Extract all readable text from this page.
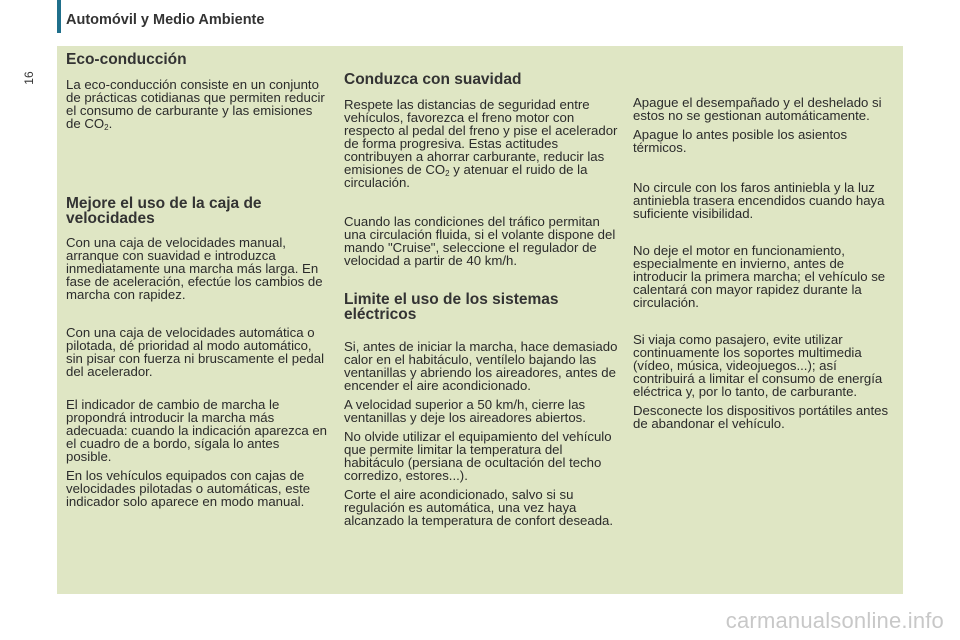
Automóvil y Medio Ambiente
16
Eco-conducción

La eco-conducción consiste en un conjunto de prácticas cotidianas que permiten reducir el consumo de carburante y las emisiones de $CO_2$.

Mejore el uso de la caja de velocidades

Con una caja de velocidades manual, arranque con suavidad e introduzca inmediatamente una marcha más larga. En fase de aceleración, efectúe los cambios de marcha con rapidez.

Con una caja de velocidades automática o pilotada, dé prioridad al modo automático, sin pisar con fuerza ni bruscamente el pedal del acelerador.

El indicador de cambio de marcha le propondrá introducir la marcha más adecuada: cuando la indicación aparezca en el cuadro de a bordo, sígala lo antes posible.

En los vehículos equipados con cajas de velocidades pilotadas o automáticas, este indicador solo aparece en modo manual.

Conduzca con suavidad

Respete las distancias de seguridad entre vehículos, favorezca el freno motor con respecto al pedal del freno y pise el acelerador de forma progresiva. Estas actitudes contribuyen a ahorrar carburante, reducir las emisiones de $CO_2$ y atenuar el ruido de la circulación.

Cuando las condiciones del tráfico permitan una circulación fluida, si el volante dispone del mando "Cruise", seleccione el regulador de velocidad a partir de 40 km/h.

Limite el uso de los sistemas eléctricos

Si, antes de iniciar la marcha, hace demasiado calor en el habitáculo, ventílelo bajando las ventanillas y abriendo los aireadores, antes de encender el aire acondicionado.

A velocidad superior a 50 km/h, cierre las ventanillas y deje los aireadores abiertos.

No olvide utilizar el equipamiento del vehículo que permite limitar la temperatura del habitáculo (persiana de ocultación del techo corredizo, estores...).

Corte el aire acondicionado, salvo si su regulación es automática, una vez haya alcanzado la temperatura de confort deseada.

Apague el desempañado y el deshelado si estos no se gestionan automáticamente.

Apague lo antes posible los asientos térmicos.

No circule con los faros antiniebla y la luz antiniebla trasera encendidos cuando haya suficiente visibilidad.

No deje el motor en funcionamiento, especialmente en invierno, antes de introducir la primera marcha; el vehículo se calentará con mayor rapidez durante la circulación.

Si viaja como pasajero, evite utilizar continuamente los soportes multimedia (vídeo, música, videojuegos...); así contribuirá a limitar el consumo de energía eléctrica y, por lo tanto, de carburante.

Desconecte los dispositivos portátiles antes de abandonar el vehículo.

carmanualsonline.info
